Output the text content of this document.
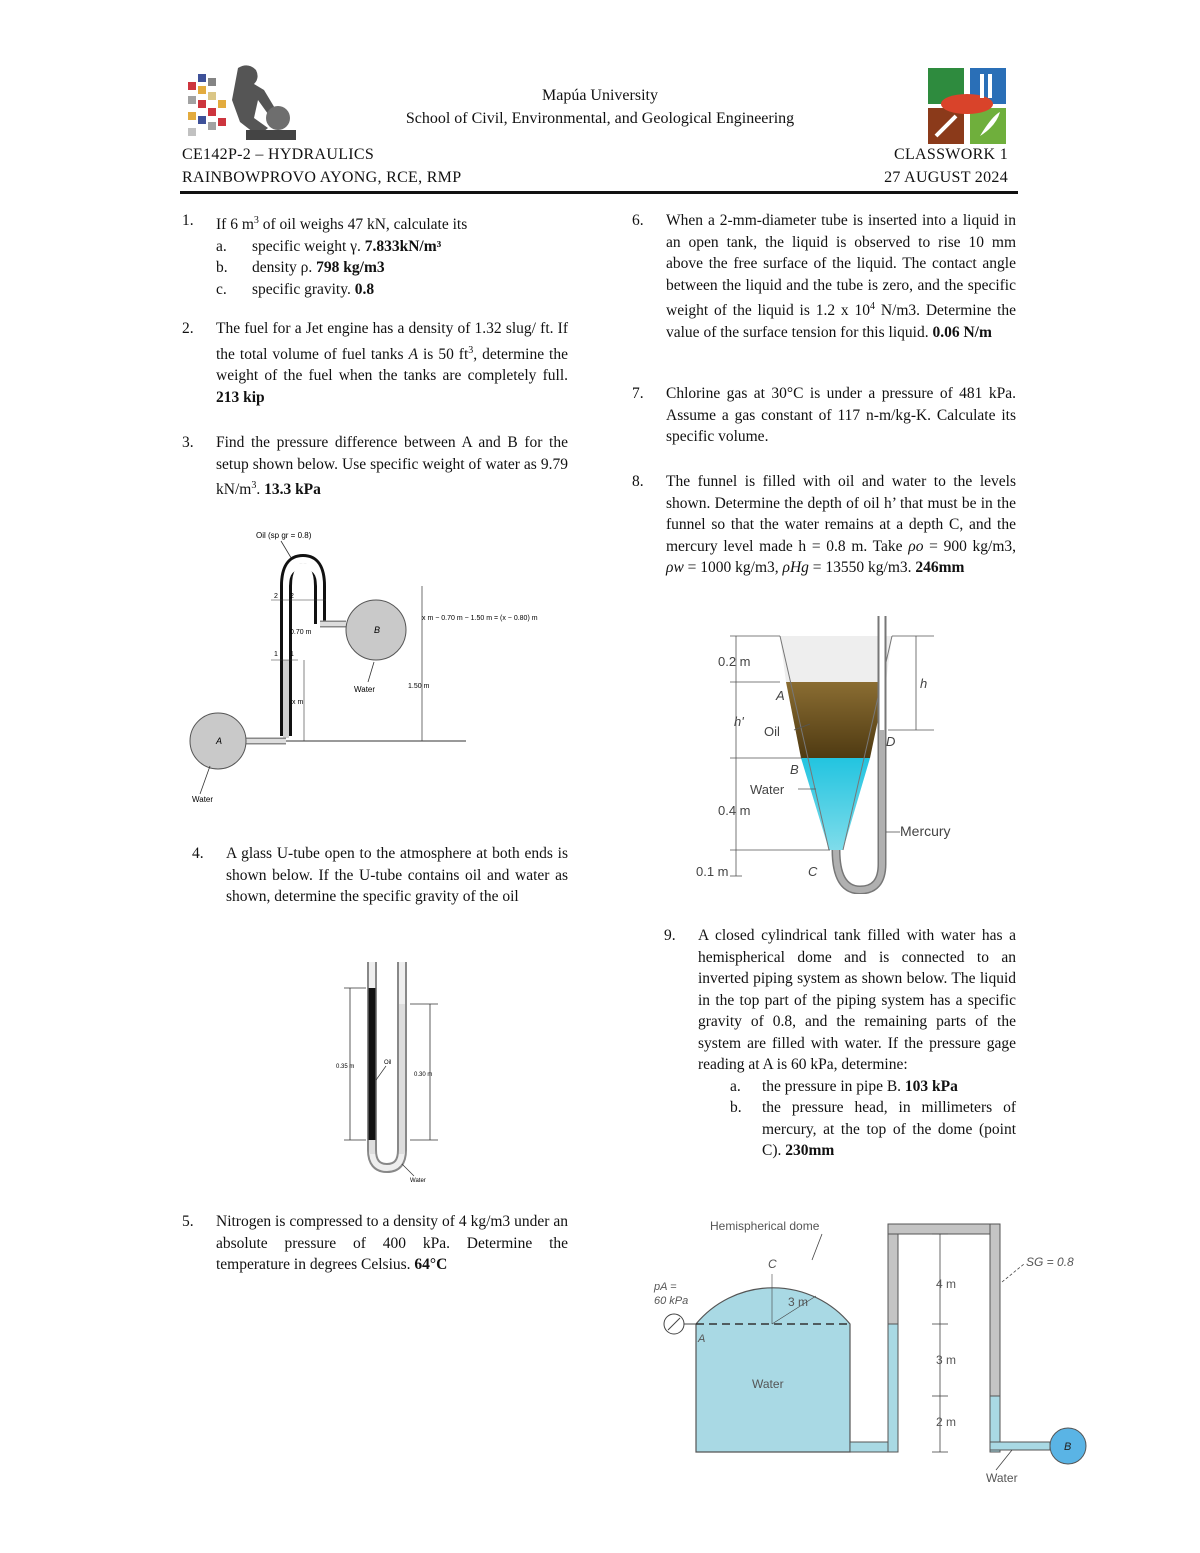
Mapúa University
School of Civil, Environmental, and Geological Engineering
CE142P-2 – HYDRAULICS
RAINBOWPROVO AYONG, RCE, RMP
CLASSWORK 1
27 AUGUST 2024
1. If 6 $m^3$ of oil weighs 47 kN, calculate its
a. specific weight γ. 7.833kN/m³
b. density ρ. 798 kg/m3
c. specific gravity. 0.8
2. The fuel for a Jet engine has a density of 1.32 slug/ ft. If the total volume of fuel tanks A is 50 $ft^3$, determine the weight of the fuel when the tanks are completely full. 213 kip
3. Find the pressure difference between A and B for the setup shown below. Use specific weight of water as 9.79 $kN/m^3$. 13.3 kPa
Oil (sp gr = 0.8)
A
B
Water
Water
2 2
1 1
0.70 m
x m
1.50 m
x m − 0.70 m − 1.50 m = (x − 0.80) m
4. A glass U-tube open to the atmosphere at both ends is shown below. If the U-tube contains oil and water as shown, determine the specific gravity of the oil
0.35 m
0.30 m
Oil
Water
5. Nitrogen is compressed to a density of 4 kg/m3 under an absolute pressure of 400 kPa. Determine the temperature in degrees Celsius. 64°C
6. When a 2-mm-diameter tube is inserted into a liquid in an open tank, the liquid is observed to rise 10 mm above the free surface of the liquid. The contact angle between the liquid and the tube is zero, and the specific weight of the liquid is 1.2 x $10^4$ N/m3. Determine the value of the surface tension for this liquid. 0.06 N/m
7. Chlorine gas at 30°C is under a pressure of 481 kPa. Assume a gas constant of 117 n-m/kg-K. Calculate its specific volume.
8. The funnel is filled with oil and water to the levels shown. Determine the depth of oil h’ that must be in the funnel so that the water remains at a depth C, and the mercury level made h = 0.8 m. Take ρo = 900 kg/m3, ρw = 1000 kg/m3, ρHg = 13550 kg/m3. 246mm
0.2 m
h'
0.4 m
0.1 m
A
Oil
B
Water
C
h
D
Mercury
9. A closed cylindrical tank filled with water has a hemispherical dome and is connected to an inverted piping system as shown below. The liquid in the top part of the piping system has a specific gravity of 0.8, and the remaining parts of the system are filled with water. If the pressure gage reading at A is 60 kPa, determine:
a. the pressure in pipe B. 103 kPa
b. the pressure head, in millimeters of mercury, at the top of the dome (point C). 230mm
B
4 m
3 m
2 m
Hemispherical dome
C
3 m
pA =
60 kPa
A
Water
SG = 0.8
Water
